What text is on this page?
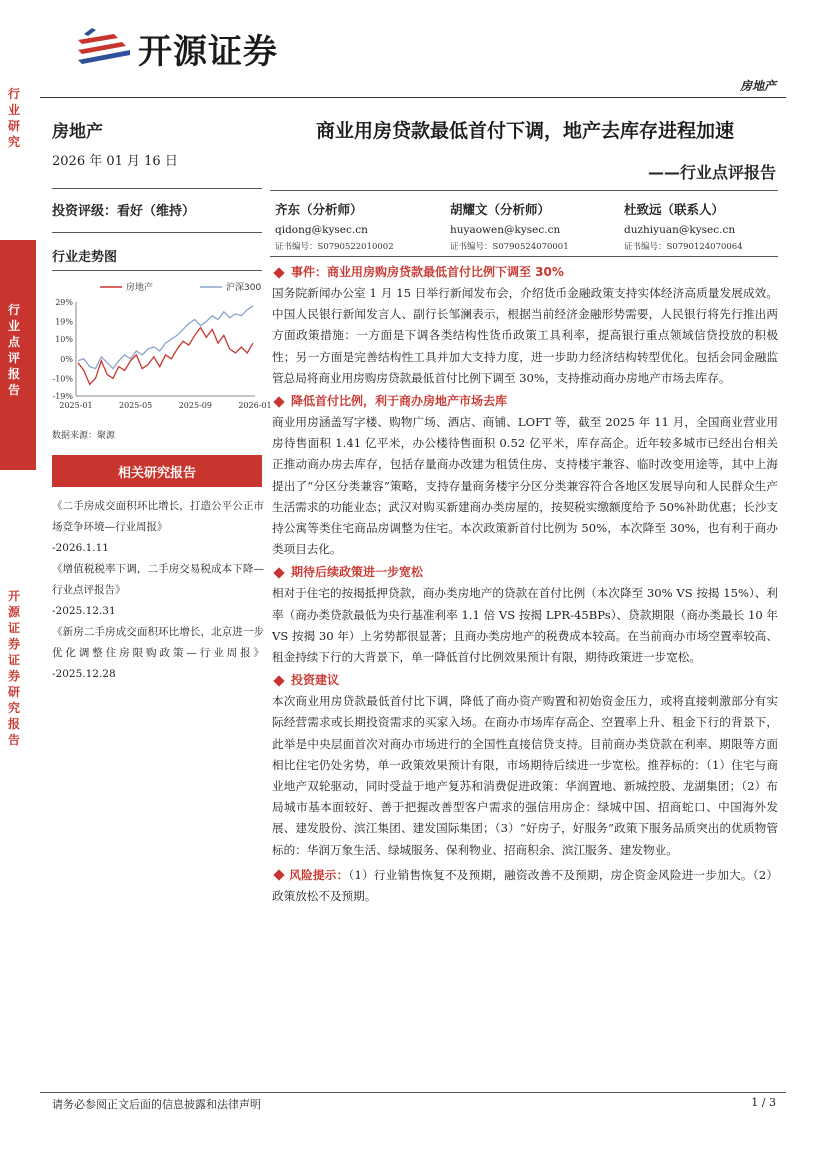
开源证券
房地产
行业研究
行业点评报告
开源证券 证券研究报告
房地产
2026 年 01 月 16 日
投资评级：看好（维持）
行业走势图
-19%
-10%
0%
10%
19%
29%
2025-01	2025-05	2025-09	2026-01
房地产	沪深300
数据来源：聚源
相关研究报告
《二手房成交面积环比增长，打造公平公正市场竞争环境—行业周报》
-2026.1.11
《增值税税率下调，二手房交易税成本下降—行业点评报告》
-2025.12.31
《新房二手房成交面积环比增长，北京进一步优化调整住房限购政策—行业周报》 -2025.12.28
商业用房贷款最低首付下调，地产去库存进程加速
——行业点评报告
齐东（分析师）
qidong@kysec.cn
证书编号：S0790522010002
胡耀文（分析师）
huyaowen@kysec.cn
证书编号：S0790524070001
杜致远（联系人）
duzhiyuan@kysec.cn
证书编号：S0790124070064
事件：商业用房购房贷款最低首付比例下调至 30%

国务院新闻办公室 1 月 15 日举行新闻发布会，介绍货币金融政策支持实体经济高质量发展成效。中国人民银行新闻发言人、副行长邹澜表示，根据当前经济金融形势需要，人民银行将先行推出两方面政策措施：一方面是下调各类结构性货币政策工具利率，提高银行重点领域信贷投放的积极性；另一方面是完善结构性工具并加大支持力度，进一步助力经济结构转型优化。包括会同金融监管总局将商业用房购房贷款最低首付比例下调至 30%，支持推动商办房地产市场去库存。

降低首付比例，利于商办房地产市场去库

商业用房涵盖写字楼、购物广场、酒店、商铺、LOFT 等，截至 2025 年 11 月，全国商业营业用房待售面积 1.41 亿平米，办公楼待售面积 0.52 亿平米，库存高企。近年较多城市已经出台相关正推动商办房去库存，包括存量商办改建为租赁住房、支持楼宇兼容、临时改变用途等，其中上海提出了“分区分类兼容”策略，支持存量商务楼宇分区分类兼容符合各地区发展导向和人民群众生产生活需求的功能业态；武汉对购买新建商办类房屋的，按契税实缴额度给予 50%补助优惠；长沙支持公寓等类住宅商品房调整为住宅。本次政策新首付比例为 50%，本次降至 30%，也有利于商办类项目去化。

期待后续政策进一步宽松

相对于住宅的按揭抵押贷款，商办类房地产的贷款在首付比例（本次降至 30% VS 按揭 15%）、利率（商办类贷款最低为央行基准利率 1.1 倍 VS 按揭 LPR-45BPs）、贷款期限（商办类最长 10 年 VS 按揭 30 年）上劣势都很显著；且商办类房地产的税费成本较高。在当前商办市场空置率较高、租金持续下行的大背景下，单一降低首付比例效果预计有限，期待政策进一步宽松。

投资建议

本次商业用房贷款最低首付比下调，降低了商办资产购置和初始资金压力，或将直接刺激部分有实际经营需求或长期投资需求的买家入场。在商办市场库存高企、空置率上升、租金下行的背景下，此举是中央层面首次对商办市场进行的全国性直接信贷支持。目前商办类贷款在利率、期限等方面相比住宅仍处劣势，单一政策效果预计有限，市场期待后续进一步宽松。推荐标的：（1）住宅与商业地产双轮驱动，同时受益于地产复苏和消费促进政策：华润置地、新城控股、龙湖集团；（2）布局城市基本面较好、善于把握改善型客户需求的强信用房企：绿城中国、招商蛇口、中国海外发展、建发股份、滨江集团、建发国际集团；（3）“好房子，好服务”政策下服务品质突出的优质物管标的：华润万象生活、绿城服务、保利物业、招商积余、滨江服务、建发物业。

风险提示：（1）行业销售恢复不及预期，融资改善不及预期，房企资金风险进一步加大。（2）政策放松不及预期。

请务必参阅正文后面的信息披露和法律声明	1 / 3
